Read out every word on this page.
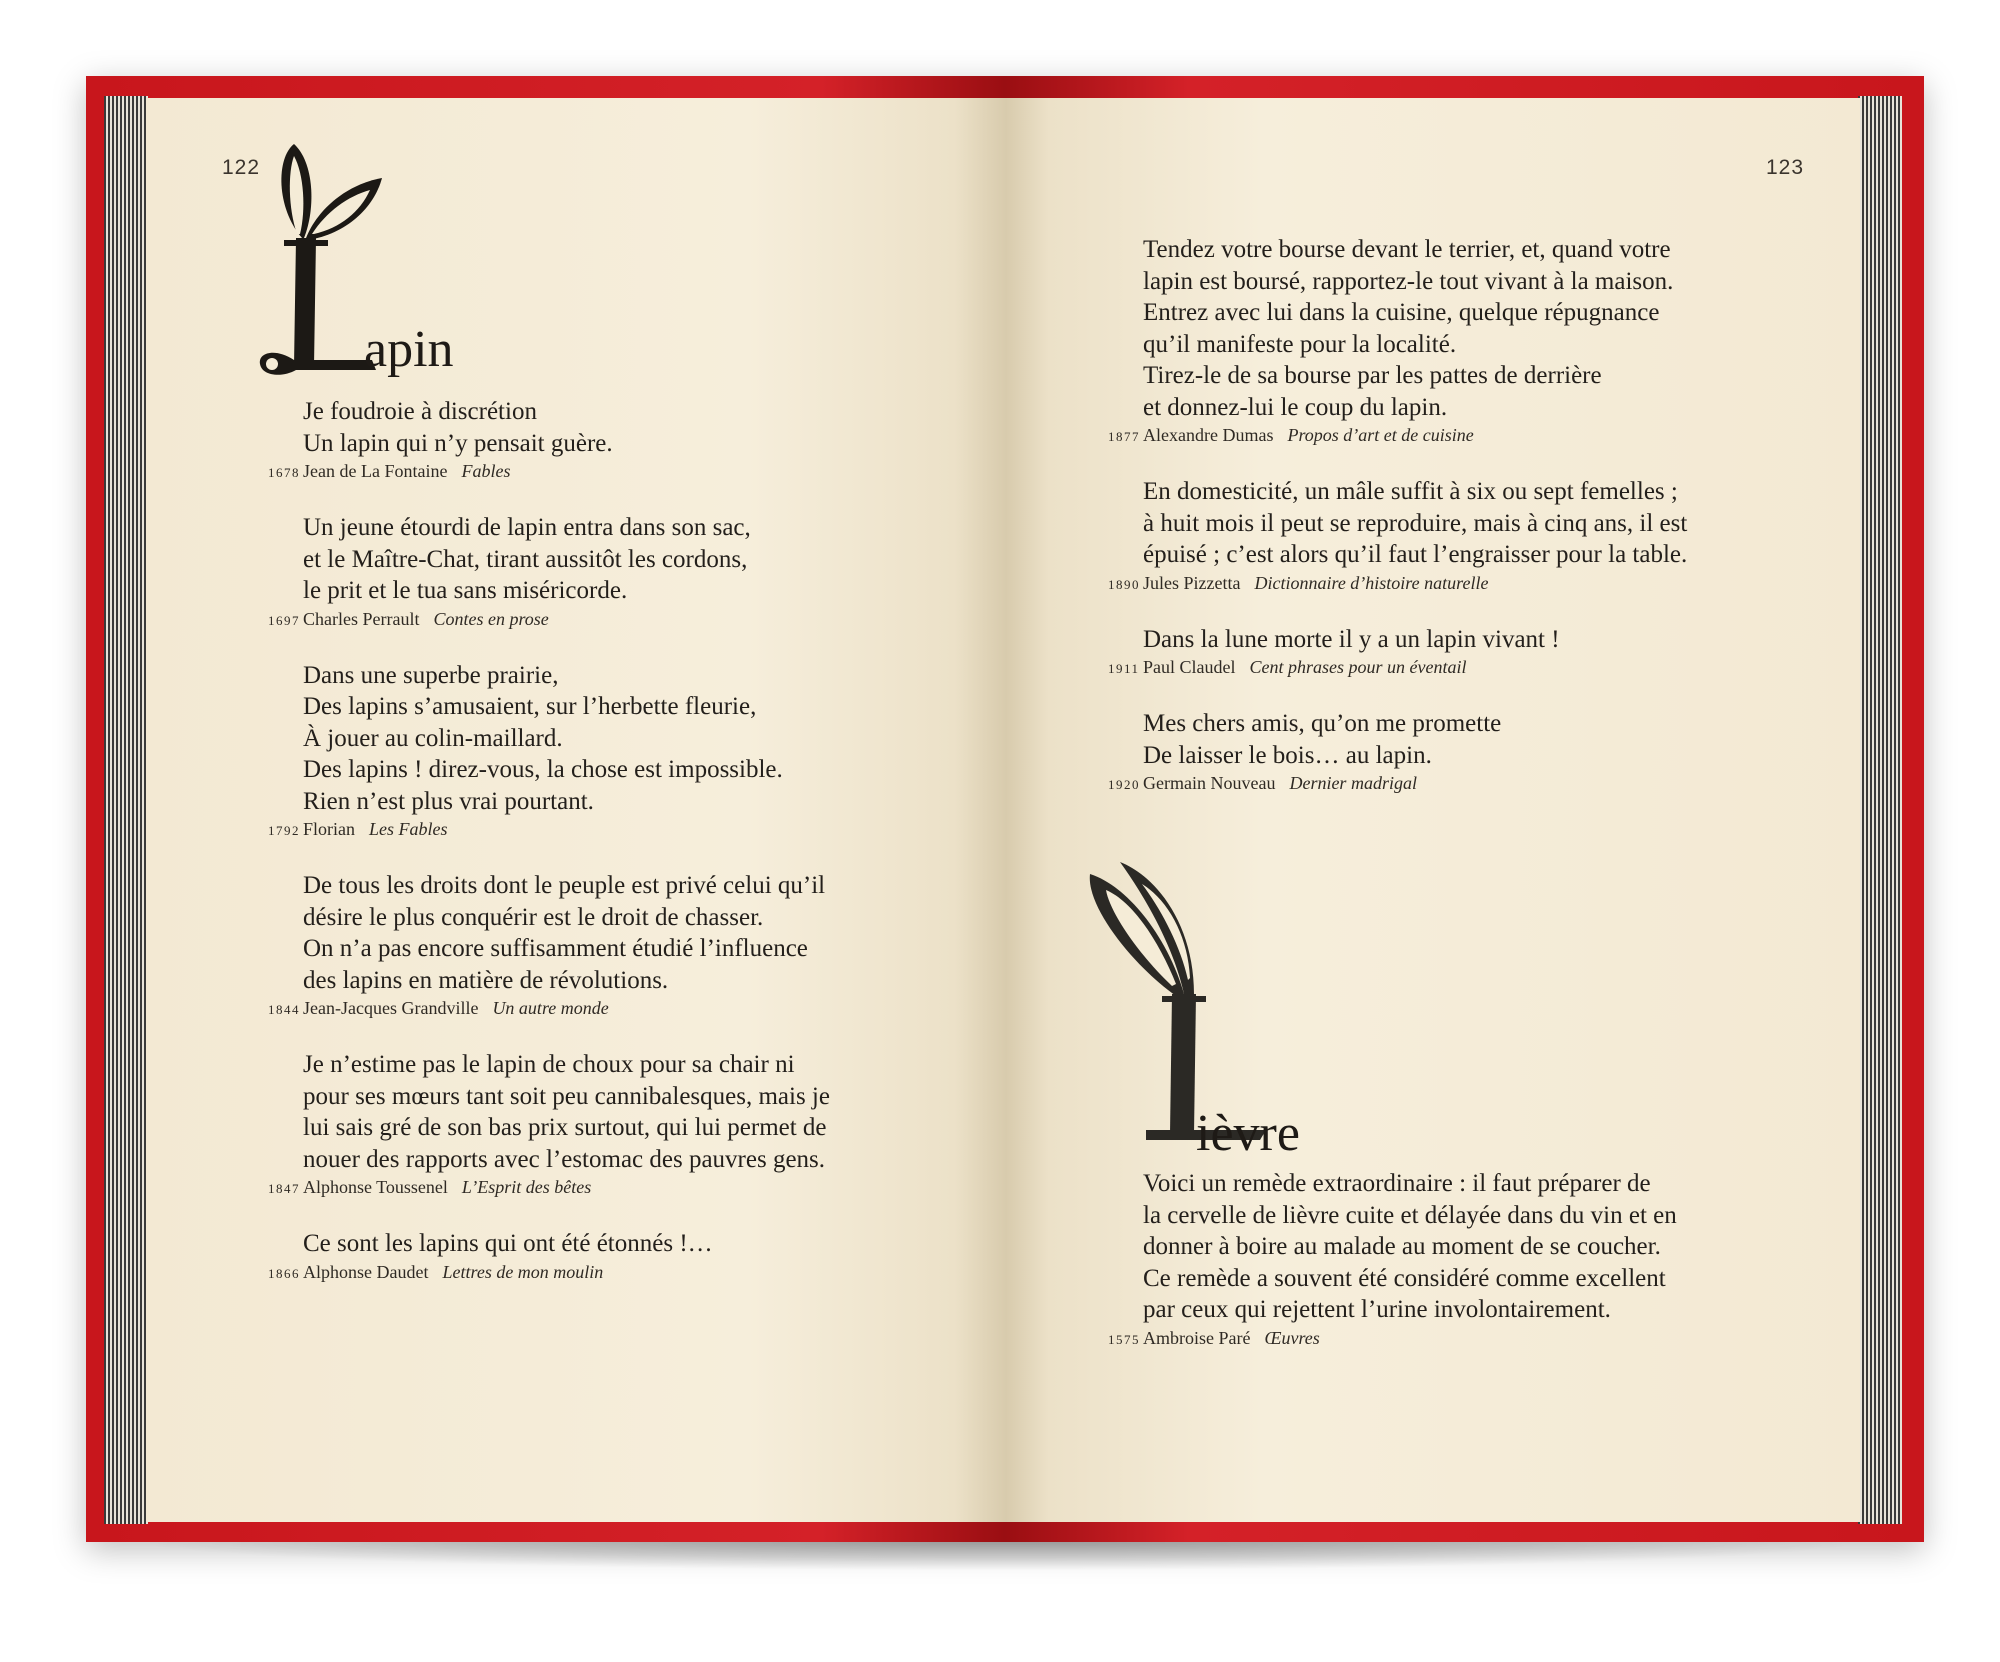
122
apin
Je foudroie à discrétion
Un lapin qui n’y pensait guère.
1678 Jean de La Fontaine Fables
Un jeune étourdi de lapin entra dans son sac,
et le Maître-Chat, tirant aussitôt les cordons,
le prit et le tua sans miséricorde.
1697 Charles Perrault Contes en prose
Dans une superbe prairie,
Des lapins s’amusaient, sur l’herbette fleurie,
À jouer au colin-maillard.
Des lapins ! direz-vous, la chose est impossible.
Rien n’est plus vrai pourtant.
1792 Florian Les Fables
De tous les droits dont le peuple est privé celui qu’il
désire le plus conquérir est le droit de chasser.
On n’a pas encore suffisamment étudié l’influence
des lapins en matière de révolutions.
1844 Jean-Jacques Grandville Un autre monde
Je n’estime pas le lapin de choux pour sa chair ni
pour ses mœurs tant soit peu cannibalesques, mais je
lui sais gré de son bas prix surtout, qui lui permet de
nouer des rapports avec l’estomac des pauvres gens.
1847 Alphonse Toussenel L’Esprit des bêtes
Ce sont les lapins qui ont été étonnés !…
1866 Alphonse Daudet Lettres de mon moulin
123
Tendez votre bourse devant le terrier, et, quand votre
lapin est boursé, rapportez-le tout vivant à la maison.
Entrez avec lui dans la cuisine, quelque répugnance
qu’il manifeste pour la localité.
Tirez-le de sa bourse par les pattes de derrière
et donnez-lui le coup du lapin.
1877 Alexandre Dumas Propos d’art et de cuisine
En domesticité, un mâle suffit à six ou sept femelles ;
à huit mois il peut se reproduire, mais à cinq ans, il est
épuisé ; c’est alors qu’il faut l’engraisser pour la table.
1890 Jules Pizzetta Dictionnaire d’histoire naturelle
Dans la lune morte il y a un lapin vivant !
1911 Paul Claudel Cent phrases pour un éventail
Mes chers amis, qu’on me promette
De laisser le bois… au lapin.
1920 Germain Nouveau Dernier madrigal
ièvre
Voici un remède extraordinaire : il faut préparer de
la cervelle de lièvre cuite et délayée dans du vin et en
donner à boire au malade au moment de se coucher.
Ce remède a souvent été considéré comme excellent
par ceux qui rejettent l’urine involontairement.
1575 Ambroise Paré Œuvres
